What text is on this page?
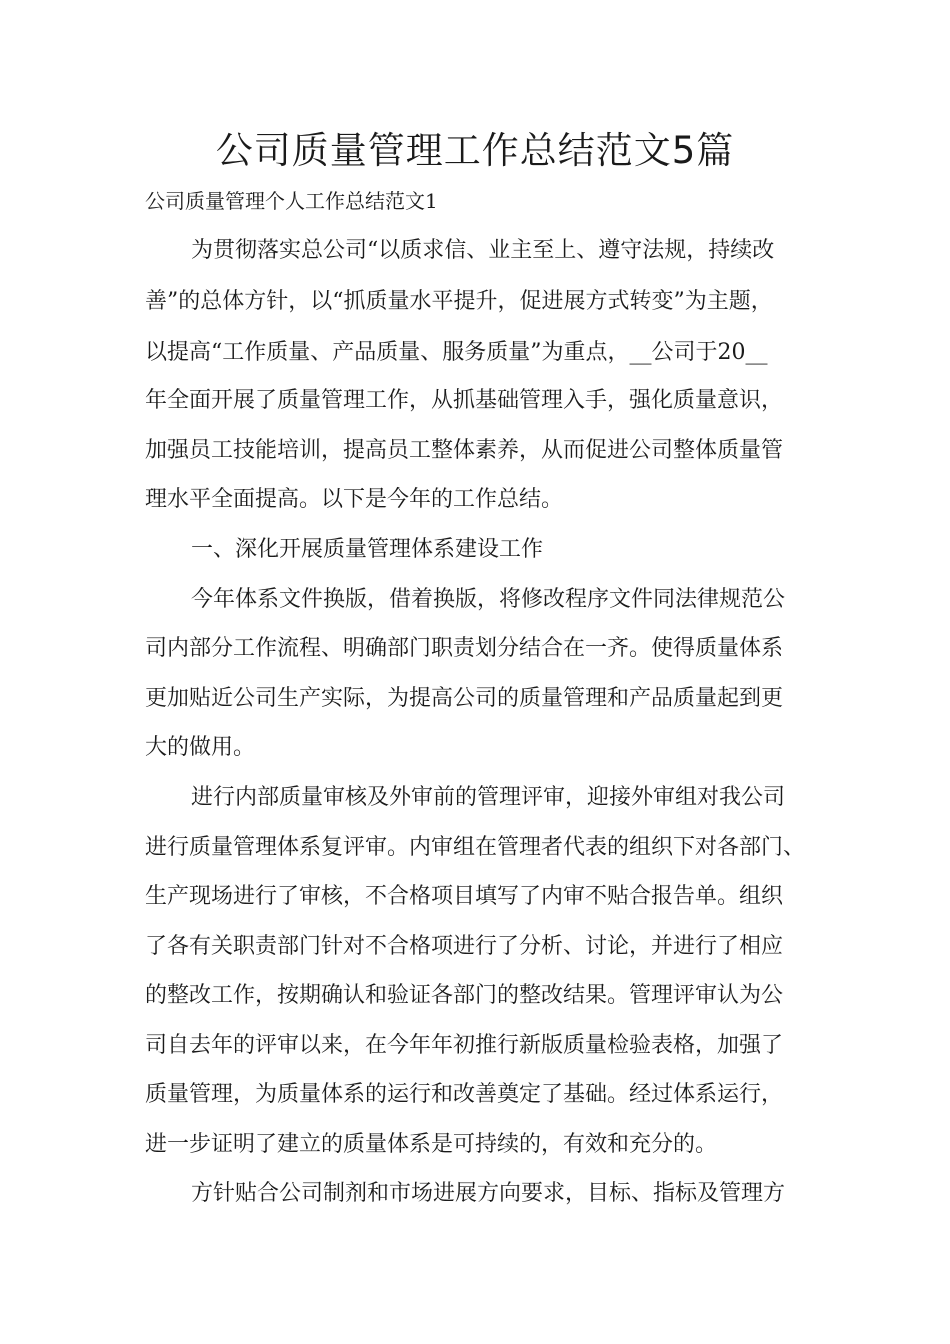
公司质量管理工作总结范文5篇

公司质量管理个人工作总结范文1

为贯彻落实总公司“以质求信、业主至上、遵守法规，持续改

善”的总体方针，以“抓质量水平提升，促进展方式转变”为主题，

以提高“工作质量、产品质量、服务质量”为重点，__公司于20__

年全面开展了质量管理工作，从抓基础管理入手，强化质量意识，

加强员工技能培训，提高员工整体素养，从而促进公司整体质量管

理水平全面提高。以下是今年的工作总结。

一、深化开展质量管理体系建设工作

今年体系文件换版，借着换版，将修改程序文件同法律规范公

司内部分工作流程、明确部门职责划分结合在一齐。使得质量体系

更加贴近公司生产实际，为提高公司的质量管理和产品质量起到更

大的做用。

进行内部质量审核及外审前的管理评审，迎接外审组对我公司

进行质量管理体系复评审。内审组在管理者代表的组织下对各部门、

生产现场进行了审核，不合格项目填写了内审不贴合报告单。组织

了各有关职责部门针对不合格项进行了分析、讨论，并进行了相应

的整改工作，按期确认和验证各部门的整改结果。管理评审认为公

司自去年的评审以来，在今年年初推行新版质量检验表格，加强了

质量管理，为质量体系的运行和改善奠定了基础。经过体系运行，

进一步证明了建立的质量体系是可持续的，有效和充分的。

方针贴合公司制剂和市场进展方向要求，目标、指标及管理方
